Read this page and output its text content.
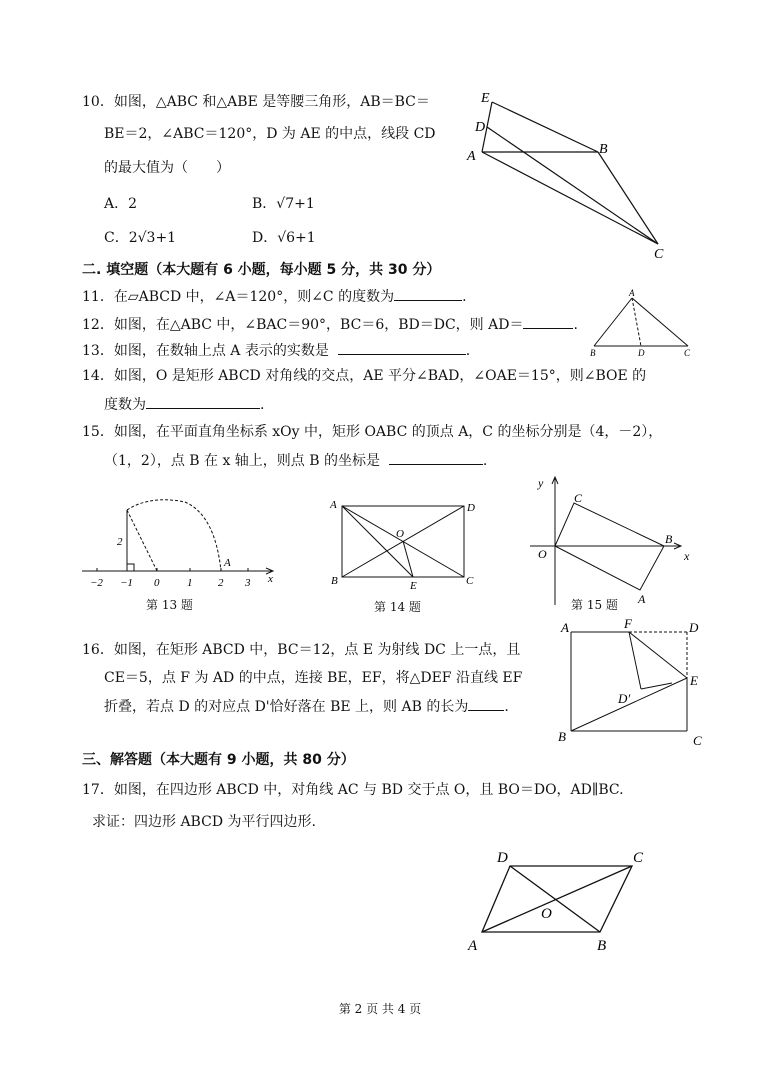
10．如图，△ABC 和△ABE 是等腰三角形，AB＝BC＝
BE＝2，∠ABC＝120°，D 为 AE 的中点，线段 CD
的最大值为（　　）
A．2	B．√7+1
C．2√3+1	D．√6+1
E
D
A	B
C
二. 填空题（本大题有 6 小题，每小题 5 分，共 30 分）
11．在▱ABCD 中，∠A＝120°，则∠C 的度数为	.
12．如图，在△ABC 中，∠BAC＝90°，BC＝6，BD＝DC，则 AD＝	.
A
B	D	C
13．如图，在数轴上点 A 表示的实数是	.
14．如图，O 是矩形 ABCD 对角线的交点，AE 平分∠BAD，∠OAE＝15°，则∠BOE 的
度数为	.
15．如图，在平面直角坐标系 xOy 中，矩形 OABC 的顶点 A，C 的坐标分别是（4，－2），
（1，2），点 B 在 x 轴上，则点 B 的坐标是	.
−2 −1 0	1 2 3 x
A
2
第 13 题
A	D
O
B	E	C
第 14 题
y
C
O
B
x
A
第 15 题
16．如图，在矩形 ABCD 中，BC＝12，点 E 为射线 DC 上一点，且
CE＝5，点 F 为 AD 的中点，连接 BE，EF，将△DEF 沿直线 EF
折叠，若点 D 的对应点 D'恰好落在 BE 上，则 AB 的长为	.
A	F	D
E
D′
B	C
三、解答题（本大题有 9 小题，共 80 分）
17．如图，在四边形 ABCD 中，对角线 AC 与 BD 交于点 O，且 BO＝DO，AD∥BC.
求证：四边形 ABCD 为平行四边形.
D	C
O
A	B
第 2 页 共 4 页
